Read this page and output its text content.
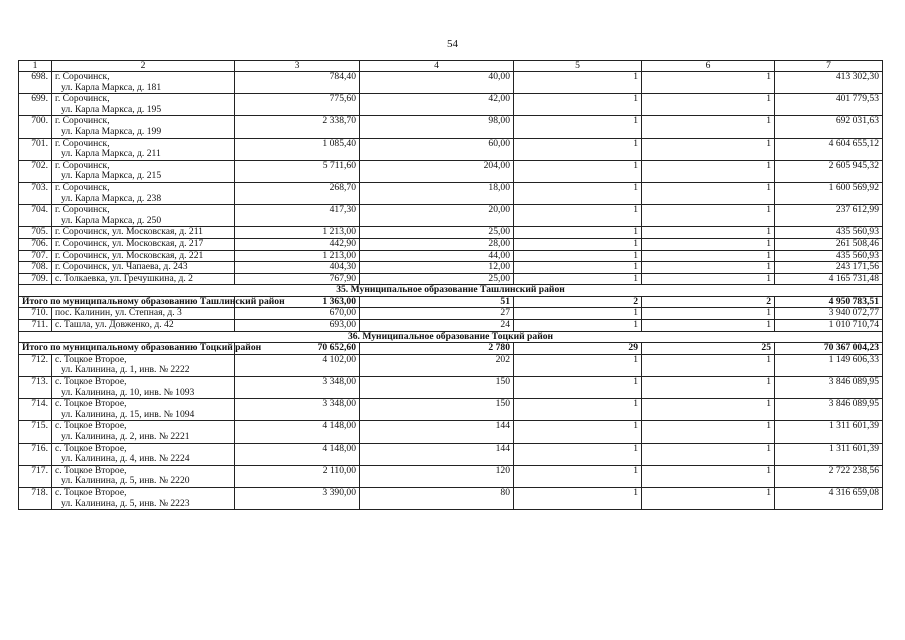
54
1	2	3	4	5	6	7
698.	г. Сорочинск,
ул. Карла Маркса, д. 181	784,40	40,00	1	1	413 302,30
699.	г. Сорочинск,
ул. Карла Маркса, д. 195	775,60	42,00	1	1	401 779,53
700.	г. Сорочинск,
ул. Карла Маркса, д. 199	2 338,70	98,00	1	1	692 031,63
701.	г. Сорочинск,
ул. Карла Маркса, д. 211	1 085,40	60,00	1	1	4 604 655,12
702.	г. Сорочинск,
ул. Карла Маркса, д. 215	5 711,60	204,00	1	1	2 605 945,32
703.	г. Сорочинск,
ул. Карла Маркса, д. 238	268,70	18,00	1	1	1 600 569,92
704.	г. Сорочинск,
ул. Карла Маркса, д. 250	417,30	20,00	1	1	237 612,99
705.	г. Сорочинск, ул. Московская, д. 211	1 213,00	25,00	1	1	435 560,93
706.	г. Сорочинск, ул. Московская, д. 217	442,90	28,00	1	1	261 508,46
707.	г. Сорочинск, ул. Московская, д. 221	1 213,00	44,00	1	1	435 560,93
708.	г. Сорочинск, ул. Чапаева, д. 243	404,30	12,00	1	1	243 171,56
709.	с. Толкаевка, ул. Гречушкина, д. 2	767,90	25,00	1	1	4 165 731,48
35. Муниципальное образование Ташлинский район						
Итого по муниципальному образованию Ташлинский район		1 363,00	51	2	2	4 950 783,51
710.	пос. Калинин, ул. Степная, д. 3	670,00	27	1	1	3 940 072,77
711.	с. Ташла, ул. Довженко, д. 42	693,00	24	1	1	1 010 710,74
36. Муниципальное образование Тоцкий район						
Итого по муниципальному образованию Тоцкий район		70 652,60	2 780	29	25	70 367 004,23
712.	с. Тоцкое Второе,
ул. Калинина, д. 1, инв. № 2222	4 102,00	202	1	1	1 149 606,33
713.	с. Тоцкое Второе,
ул. Калинина, д. 10, инв. № 1093	3 348,00	150	1	1	3 846 089,95
714.	с. Тоцкое Второе,
ул. Калинина, д. 15, инв. № 1094	3 348,00	150	1	1	3 846 089,95
715.	с. Тоцкое Второе,
ул. Калинина, д. 2, инв. № 2221	4 148,00	144	1	1	1 311 601,39
716.	с. Тоцкое Второе,
ул. Калинина, д. 4, инв. № 2224	4 148,00	144	1	1	1 311 601,39
717.	с. Тоцкое Второе,
ул. Калинина, д. 5, инв. № 2220	2 110,00	120	1	1	2 722 238,56
718.	с. Тоцкое Второе,
ул. Калинина, д. 5, инв. № 2223	3 390,00	80	1	1	4 316 659,08
